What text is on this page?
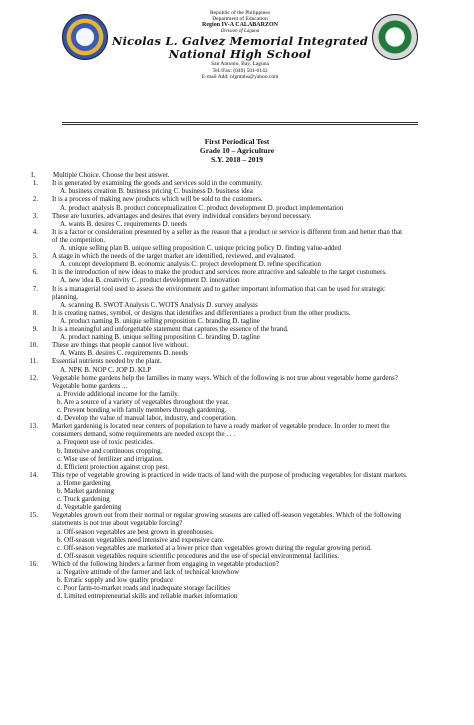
Republic of the Philippines
Department of Education
Region IV-A CALABARZON
Division of Laguna
Nicolas L. Galvez Memorial Integrated
National High School
San Antonio, Bay, Laguna
Tel./Fax: (049) 501-0142
E-mail Add: nlgmnhs@yahoo.com
First Periodical Test
Grade 10 – Agriculture
S.Y. 2018 – 2019
I.	Multiple Choice. Choose the best answer.
1. It is generated by examining the goods and services sold in the community.
A. business creation B. business pricing C. business D. business idea
2. It is a process of making new products which will be sold to the customers.
A. product analysis B. product conceptualization C. product development D. product implementation
3. These are luxuries, advantages and desires that every individual considers beyond necessary.
A. wants B. desires C. requirements D. needs
4. It is a factor or consideration presented by a seller as the reason that a product or service is different from and better than that
of the competition.
A. unique selling plan B. unique selling proposition C. unique pricing policy D. finding value-added
5. A stage in which the needs of the target market are identified, reviewed, and evaluated.
A. concept development B. economic analysis C. project development D. refine specification
6. It is the introduction of new ideas to make the product and services more attractive and saleable to the target customers.
A. new idea B. creativity C. product development D. innovation
7. It is a managerial tool used to assess the environment and to gather important information that can be used for strategic
planning.
A. scanning B. SWOT Analysis C. WOTS Analysis D. survey analysis
8. It is creating names, symbol, or designs that identifies and differentiates a product from the other products.
A. product naming B. unique selling proposition C. branding D. tagline
9. It is a meaningful and unforgettable statement that captures the essence of the brand.
A. product naming B. unique selling proposition C. branding D. tagline
10. These are things that people cannot live without.
A. Wants B. desires C. requirements D. needs
11. Essential nutrients needed by the plant.
A. NPK B. NOP C. JOP D. KLP
12. Vegetable home gardens help the families in many ways. Which of the following is not true about vegetable home gardens?
Vegetable home gardens ...
a. Provide additional income for the family.
b. Are a source of a variety of vegetables throughout the year.
c. Prevent bonding with family members through gardening.
d. Develop the value of manual labor, industry, and cooperation.
13. Market gardening is located near centers of population to have a ready market of vegetable produce. In order to meet the
consumers demand, some requirements are needed except the . . .
a. Frequent use of toxic pesticides.
b. Intensive and continuous cropping.
c. Wise use of fertilizer and irrigation.
d. Efficient protection against crop pest.
14. This type of vegetable growing is practiced in wide tracts of land with the purpose of producing vegetables for distant markets.
a. Home gardening
b. Market gardening
c. Truck gardening
d. Vegetable gardening
15. Vegetables grown out from their normal or regular growing seasons are called off-season vegetables. Which of the following
statements is not true about vegetable forcing?
a. Off-season vegetables are best grown in greenhouses.
b. Off-season vegetables need intensive and expensive care.
c. Off-season vegetables are marketed at a lower price than vegetables grown during the regular growing period.
d. Off-season vegetables require scientific procedures and the use of special environmental facilities.
16. Which of the following hinders a farmer from engaging in vegetable production?
a. Negative attitude of the farmer and lack of technical knowhow
b. Erratic supply and low quality produce
c. Poor farm-to-market roads and inadequate storage facilities
d. Limited entrepreneurial skills and reliable market information
